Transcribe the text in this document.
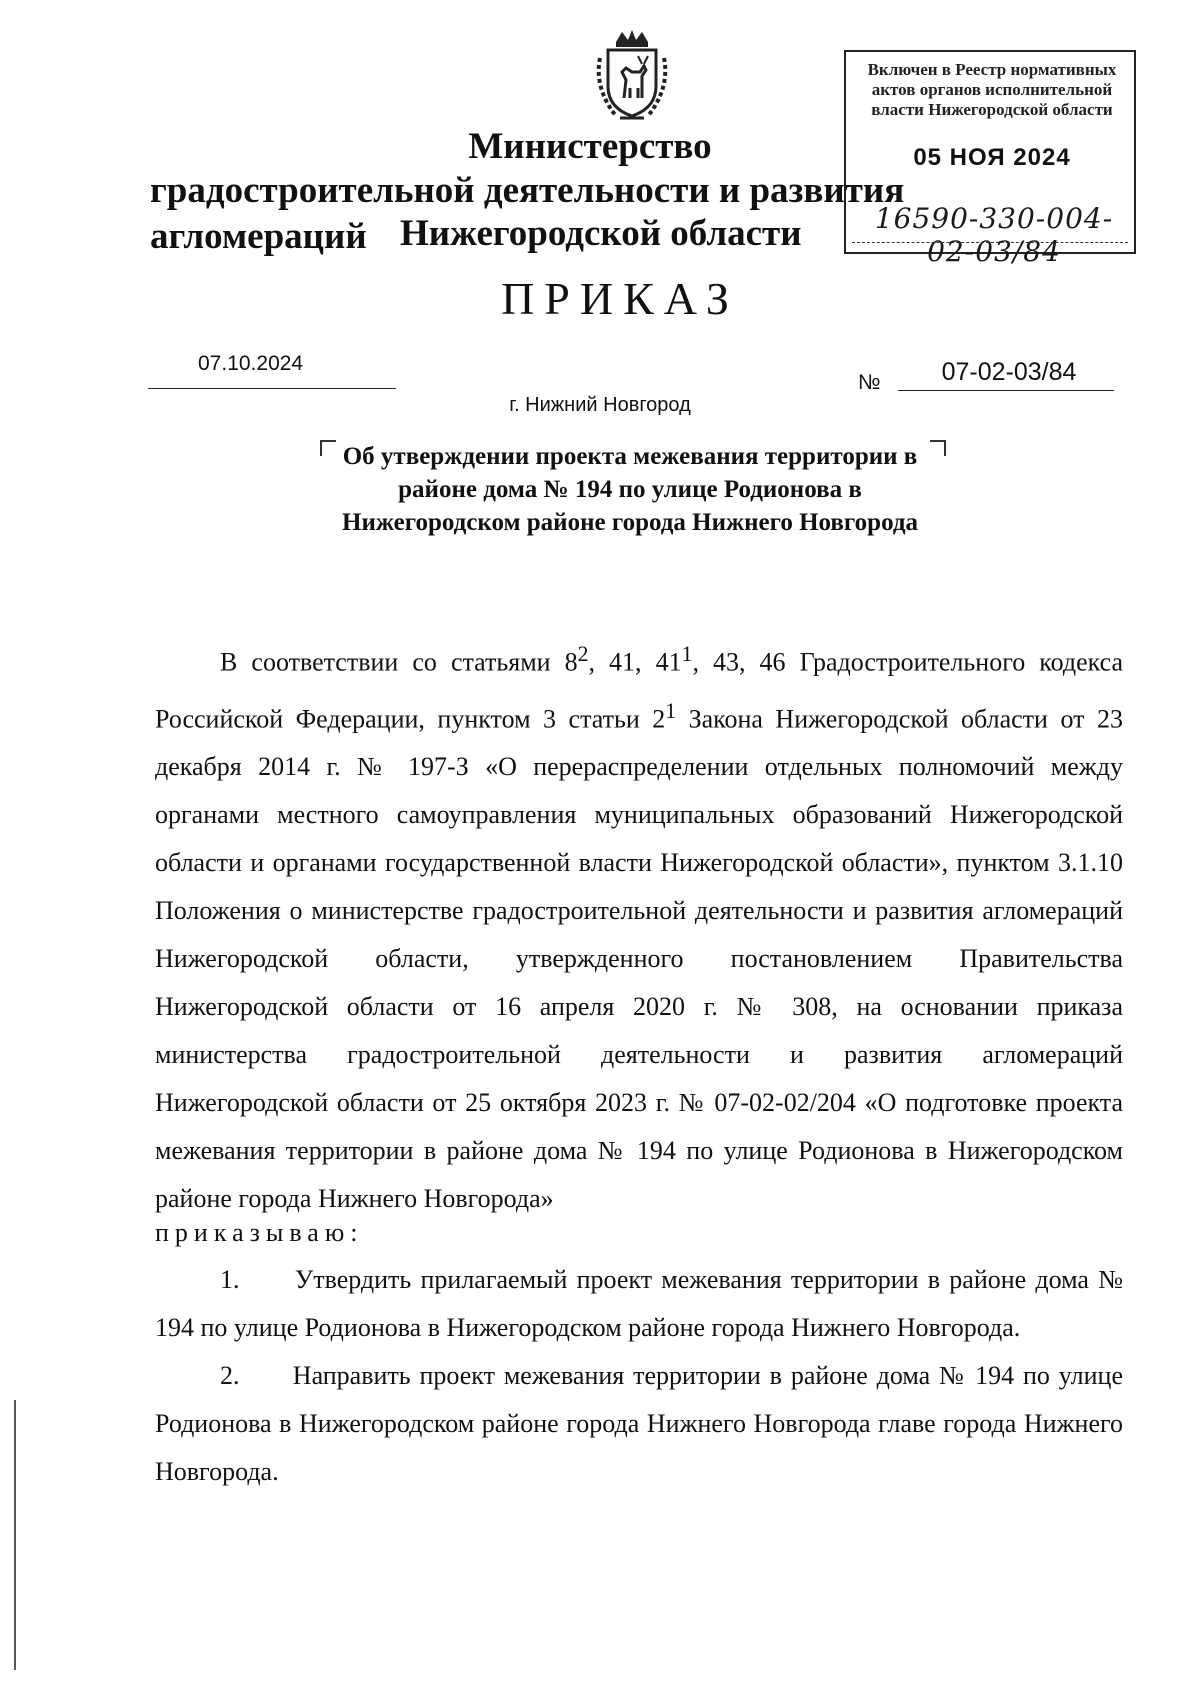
Министерство
градостроительной деятельности и развития агломераций Нижегородской области
Включен в Реестр нормативных актов органов исполнительной власти Нижегородской области
05 НОЯ 2024
16590-330-004-02-03/84
ПРИКАЗ
07.10.2024
№	07-02-03/84
г. Нижний Новгород
Об утверждении проекта межевания территории в районе дома № 194 по улице Родионова в Нижегородском районе города Нижнего Новгорода
В соответствии со статьями $8^2$, 41, $41^1$, 43, 46 Градостроительного кодекса Российской Федерации, пунктом 3 статьи $2^1$ Закона Нижегородской области от 23 декабря 2014 г. № 197-З «О перераспределении отдельных полномочий между органами местного самоуправления муниципальных образований Нижегородской области и органами государственной власти Нижегородской области», пунктом 3.1.10 Положения о министерстве градостроительной деятельности и развития агломераций Нижегородской области, утвержденного постановлением Правительства Нижегородской области от 16 апреля 2020 г. № 308, на основании приказа министерства градостроительной деятельности и развития агломераций Нижегородской области от 25 октября 2023 г. № 07-02-02/204 «О подготовке проекта межевания территории в районе дома № 194 по улице Родионова в Нижегородском районе города Нижнего Новгорода»
приказываю:
1.      Утвердить прилагаемый проект межевания территории в районе дома № 194 по улице Родионова в Нижегородском районе города Нижнего Новгорода.
2.      Направить проект межевания территории в районе дома № 194 по улице Родионова в Нижегородском районе города Нижнего Новгорода главе города Нижнего Новгорода.
